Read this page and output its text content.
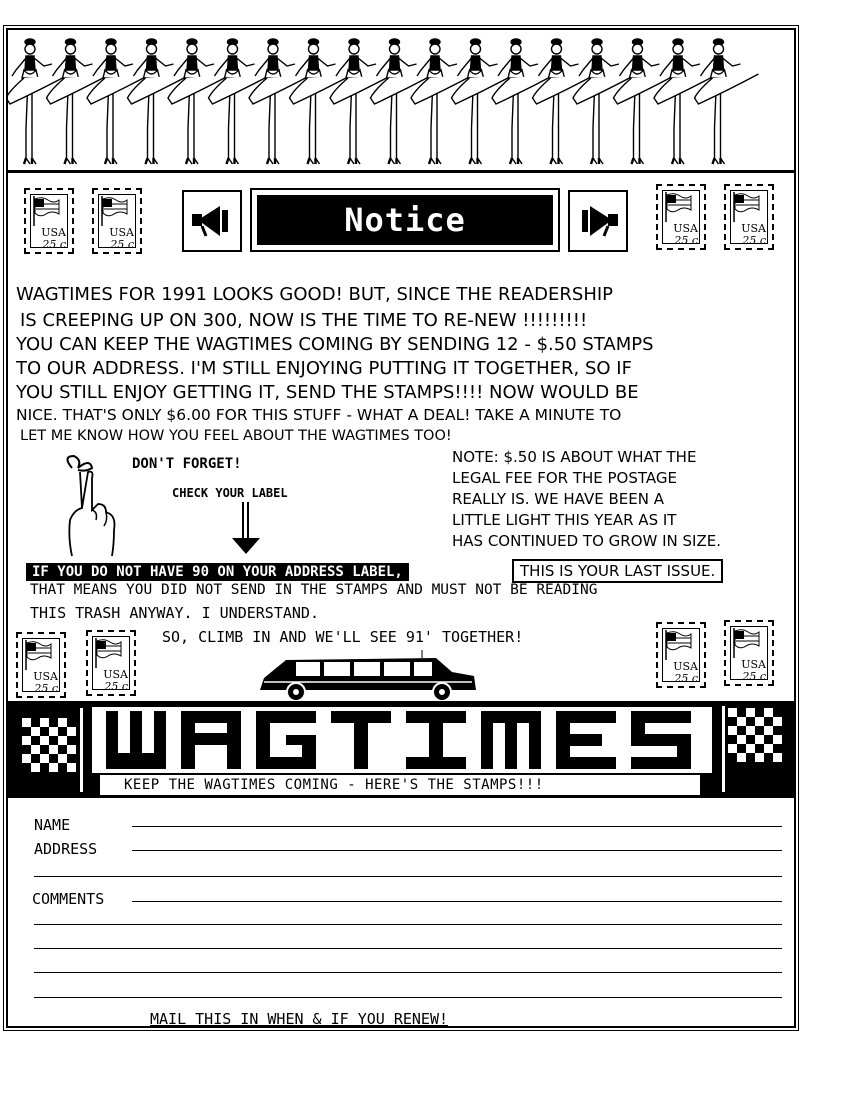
USA
25 c
USA
25 c
Notice	USA
25 c
USA
25 c
WAGTIMES FOR 1991 LOOKS GOOD! BUT, SINCE THE READERSHIP
IS CREEPING UP ON 300, NOW IS THE TIME TO RE-NEW !!!!!!!!!
YOU CAN KEEP THE WAGTIMES COMING BY SENDING 12 - $.50 STAMPS
TO OUR ADDRESS. I'M STILL ENJOYING PUTTING IT TOGETHER, SO IF
YOU STILL ENJOY GETTING IT, SEND THE STAMPS!!!! NOW WOULD BE
NICE. THAT'S ONLY $6.00 FOR THIS STUFF - WHAT A DEAL! TAKE A MINUTE TO
LET ME KNOW HOW YOU FEEL ABOUT THE WAGTIMES TOO!
DON'T FORGET!
CHECK YOUR LABEL
NOTE: $.50 IS ABOUT WHAT THE
LEGAL FEE FOR THE POSTAGE
REALLY IS. WE HAVE BEEN A
LITTLE LIGHT THIS YEAR AS IT
HAS CONTINUED TO GROW IN SIZE.
IF YOU DO NOT HAVE 90 ON YOUR ADDRESS LABEL,	THIS IS YOUR LAST ISSUE.
THAT MEANS YOU DID NOT SEND IN THE STAMPS AND MUST NOT BE READING
THIS TRASH ANYWAY. I UNDERSTAND.
USA
25 c
USA
25 c
SO, CLIMB IN AND WE'LL SEE 91' TOGETHER!
USA
25 c
USA
25 c
KEEP THE WAGTIMES COMING - HERE'S THE STAMPS!!!
NAME
ADDRESS
COMMENTS
MAIL THIS IN WHEN & IF YOU RENEW!
